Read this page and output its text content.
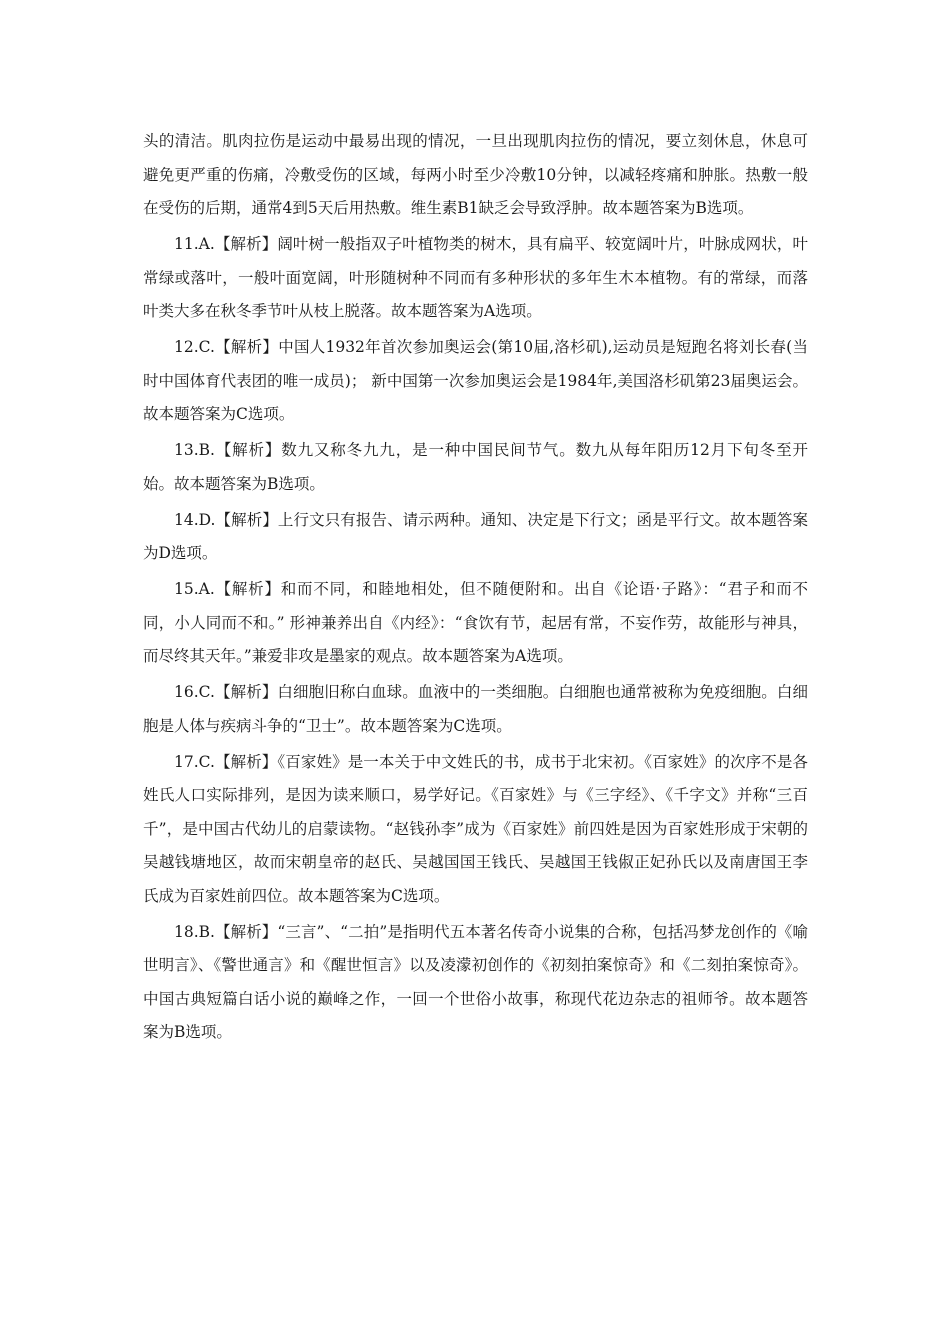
头的清洁。肌肉拉伤是运动中最易出现的情况，一旦出现肌肉拉伤的情况，要立刻休息，休息可避免更严重的伤痛，冷敷受伤的区域，每两小时至少冷敷10分钟，以减轻疼痛和肿胀。热敷一般在受伤的后期，通常4到5天后用热敷。维生素B1缺乏会导致浮肿。故本题答案为B选项。

11.A.【解析】阔叶树一般指双子叶植物类的树木，具有扁平、较宽阔叶片，叶脉成网状，叶常绿或落叶，一般叶面宽阔，叶形随树种不同而有多种形状的多年生木本植物。有的常绿，而落叶类大多在秋冬季节叶从枝上脱落。故本题答案为A选项。

12.C.【解析】中国人1932年首次参加奥运会(第10届,洛杉矶),运动员是短跑名将刘长春(当时中国体育代表团的唯一成员)； 新中国第一次参加奥运会是1984年,美国洛杉矶第23届奥运会。故本题答案为C选项。

13.B.【解析】数九又称冬九九，是一种中国民间节气。数九从每年阳历12月下旬冬至开始。故本题答案为B选项。

14.D.【解析】上行文只有报告、请示两种。通知、决定是下行文；函是平行文。故本题答案为D选项。

15.A.【解析】和而不同，和睦地相处，但不随便附和。出自《论语·子路》：“君子和而不同，小人同而不和。” 形神兼养出自《内经》：“食饮有节，起居有常，不妄作劳，故能形与神具，而尽终其天年。”兼爱非攻是墨家的观点。故本题答案为A选项。

16.C.【解析】白细胞旧称白血球。血液中的一类细胞。白细胞也通常被称为免疫细胞。白细胞是人体与疾病斗争的“卫士”。故本题答案为C选项。

17.C.【解析】《百家姓》是一本关于中文姓氏的书，成书于北宋初。《百家姓》的次序不是各姓氏人口实际排列，是因为读来顺口，易学好记。《百家姓》与《三字经》、《千字文》并称“三百千”，是中国古代幼儿的启蒙读物。“赵钱孙李”成为《百家姓》前四姓是因为百家姓形成于宋朝的吴越钱塘地区，故而宋朝皇帝的赵氏、吴越国国王钱氏、吴越国王钱俶正妃孙氏以及南唐国王李氏成为百家姓前四位。故本题答案为C选项。

18.B.【解析】“三言”、“二拍”是指明代五本著名传奇小说集的合称，包括冯梦龙创作的《喻世明言》、《警世通言》和《醒世恒言》以及凌濛初创作的《初刻拍案惊奇》和《二刻拍案惊奇》。中国古典短篇白话小说的巅峰之作，一回一个世俗小故事，称现代花边杂志的祖师爷。故本题答案为B选项。
